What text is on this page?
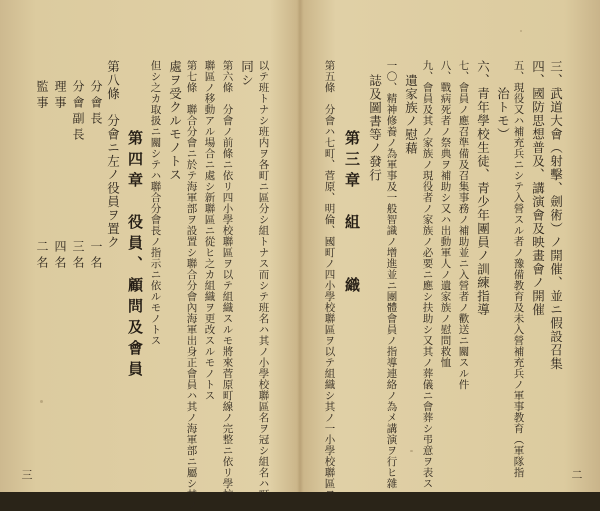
三、武道大會（射擊、劍術）ノ開催、並ニ假設召集
四、國防思想普及、講演會及映畫會ノ開催
五、現役又ハ補充兵ニシテ入營スル者ノ豫備教育及未入營補充兵ノ軍事教育（軍隊指
　　治トモ）
六、青年學校生徒、青少年團員ノ訓練指導
七、會員ノ應召準備及召集事務ノ補助並ニ入營者ノ歡送ニ關スル件
八、戰病死者ノ祭典ヲ補助シ又ハ出動軍人ノ遺家族ノ慰問救恤
九、會員及其ノ家族ノ現役者ノ家族ノ必要ニ應シ扶助シ又其ノ葬儀ニ會葬シ弔意ヲ表ス
遺家族ノ慰藉
一〇、精神修養ノ為軍事及一般智識ノ增進並ニ團體會員ノ指導連絡ノ為メ講演ヲ行ヒ雜
誌及圖書等ノ發行
第三章　組　　織
第五條　分會ハ七町、菅原、明倫、國町ノ四小學校聯區ヲ以テ組織シ其ノ一小學校聯區ヲ	二
以テ班トナシ班内ヲ各町ニ區分シ組トナス而シテ班名ハ其ノ小學校聯區名ヲ冠シ組名ハ町
同シ
第六條　分會ノ前條ニ依リ四小學校聯區ヲ以テ組織スルモ將來菅原町線ノ完整ニ依リ學校
聯區ノ移動アル場合ニ處シ新聯區ニ從ヒ之カ組織ヲ更改スルモノトス
第七條　聯合分會ニ於テ海軍部ヲ設置シ聯合分會內海軍出身正會員ハ其ノ海軍部ニ屬シ其ノ
處ヲ受クルモノトス
但シ之カ取扱ニ關シテハ聯合分會長ノ指示ニ依ルモノトス
第四章　役員、顧問及會員
第八條　分會ニ左ノ役員ヲ置ク
分會長
一名
分會副長
三名
理事
四名
監事
二名
三
